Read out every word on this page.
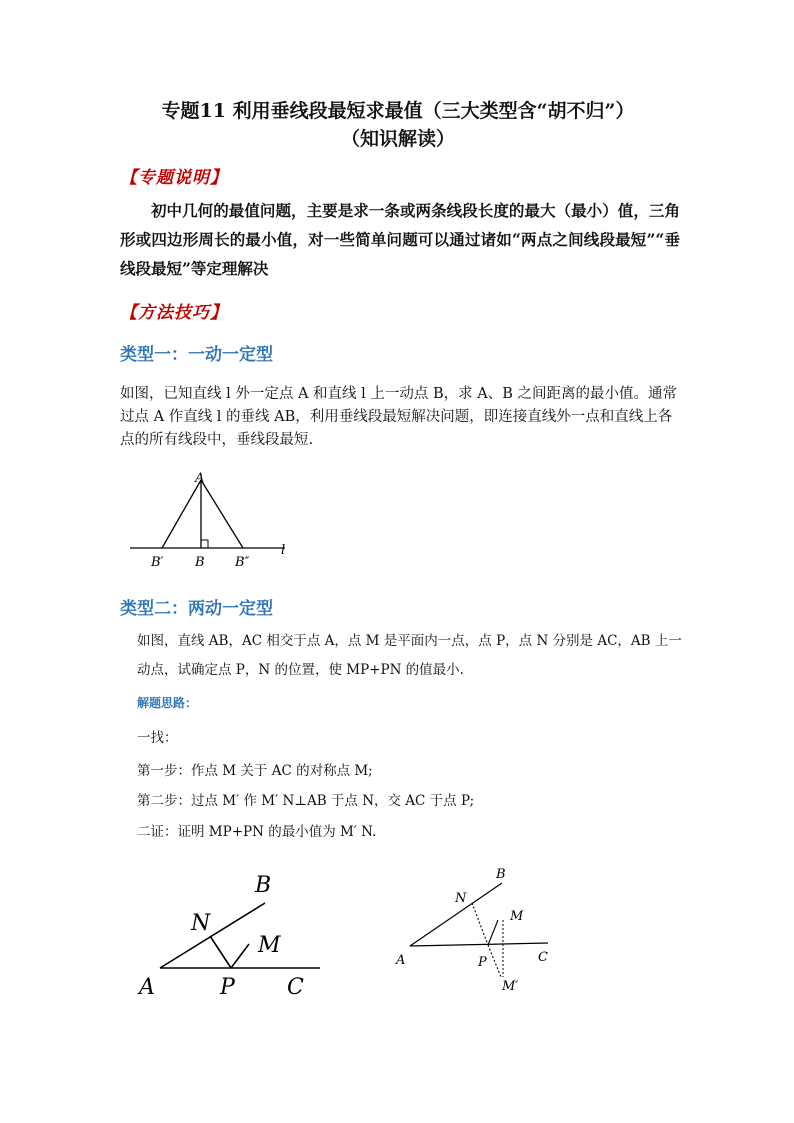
专题11 利用垂线段最短求最值（三大类型含“胡不归”）
（知识解读）
【专题说明】
初中几何的最值问题，主要是求一条或两条线段长度的最大（最小）值，三角形或四边形周长的最小值，对一些简单问题可以通过诸如“两点之间线段最短”“垂线段最短”等定理解决
【方法技巧】
类型一：一动一定型
如图，已知直线 l 外一定点 A 和直线 l 上一动点 B，求 A、B 之间距离的最小值。通常过点 A 作直线 l 的垂线 AB，利用垂线段最短解决问题，即连接直线外一点和直线上各点的所有线段中，垂线段最短.
A
B′ B B″
l
类型二：两动一定型
如图，直线 AB，AC 相交于点 A，点 M 是平面内一点，点 P，点 N 分别是 AC，AB 上一动点，试确定点 P，N 的位置，使 MP+PN 的值最小.
解题思路：
一找：
第一步：作点 M 关于 AC 的对称点 M;
第二步：过点 M′ 作 M′ N⊥AB 于点 N，交 AC 于点 P;
二证：证明 MP+PN 的最小值为 M′ N.
B
N
M
A	P C
B
N
M
A	P	C
M′
